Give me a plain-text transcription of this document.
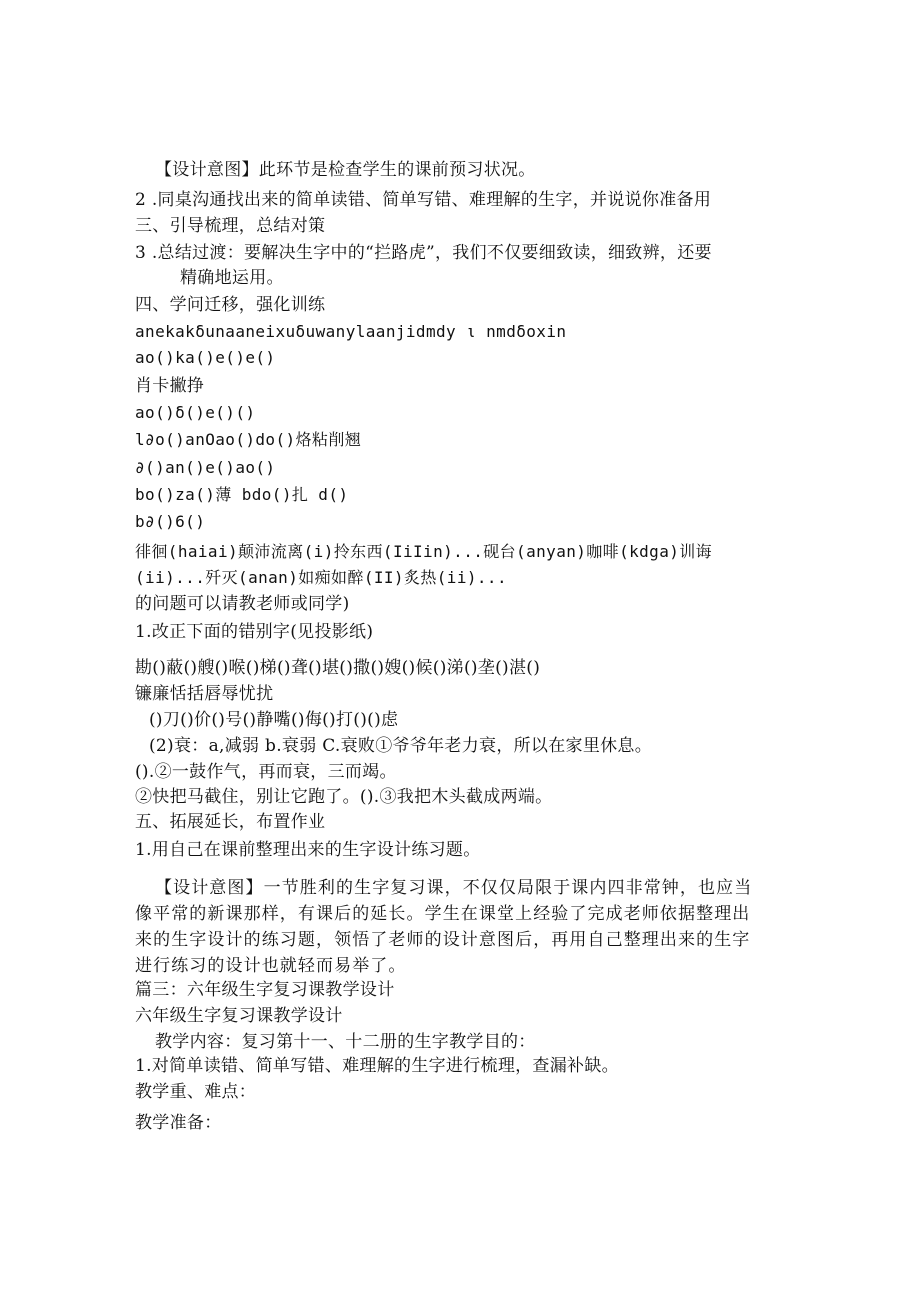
【设计意图】此环节是检查学生的课前预习状况。
2 .同桌沟通找出来的简单读错、简单写错、难理解的生字，并说说你准备用
三、引导梳理，总结对策
3 .总结过渡：要解决生字中的“拦路虎”，我们不仅要细致读，细致辨，还要
精确地运用。
四、学问迁移，强化训练
anekakδunaaneixuδuwanylaanjidmdy ι nmdδoxin
ao()ka()e()e()
肖卡撇挣
ao()δ()e()()
l∂o()anOao()do()烙粘削翘
∂()an()e()ao()
bo()za()薄 bdo()扎 d()
b∂()6()
徘徊(haiai)颠沛流离(i)拎东西(IiIin)...砚台(anyan)咖啡(kdga)训诲
(ii)...歼灭(anan)如痴如醉(II)炙热(ii)...
的问题可以请教老师或同学)
1.改正下面的错别字(见投影纸)
勘()蔽()艘()喉()梯()聋()堪()撒()嫂()候()涕()垄()湛()
镰廉恬括唇辱忧扰
()刀()价()号()静嘴()侮()打()()虑
(2)衰：a,减弱 b.衰弱 C.衰败①爷爷年老力衰，所以在家里休息。
().②一鼓作气，再而衰，三而竭。
②快把马截住，别让它跑了。().③我把木头截成两端。
五、拓展延长，布置作业
1.用自己在课前整理出来的生字设计练习题。
【设计意图】一节胜利的生字复习课，不仅仅局限于课内四非常钟，也应当
像平常的新课那样，有课后的延长。学生在课堂上经验了完成老师依据整理出
来的生字设计的练习题，领悟了老师的设计意图后，再用自己整理出来的生字
进行练习的设计也就轻而易举了。
篇三：六年级生字复习课教学设计
六年级生字复习课教学设计
教学内容：复习第十一、十二册的生字教学目的：
1.对简单读错、简单写错、难理解的生字进行梳理，查漏补缺。
教学重、难点：
教学准备：
